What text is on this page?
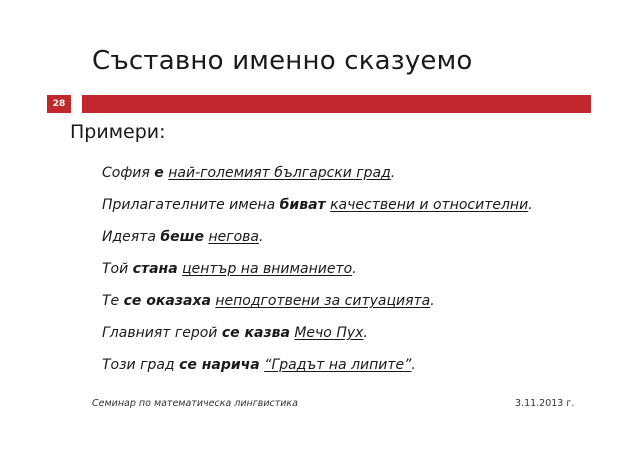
Съставно именно сказуемо
28
Примери:
София е най-големият български град.
Прилагателните имена биват качествени и относителни.
Идеята беше негова.
Той стана център на вниманието.
Те се оказаха неподготвени за ситуацията.
Главният герой се казва Мечо Пух.
Този град се нарича “Градът на липите”.
Семинар по математическа лингвистика	3.11.2013 г.
